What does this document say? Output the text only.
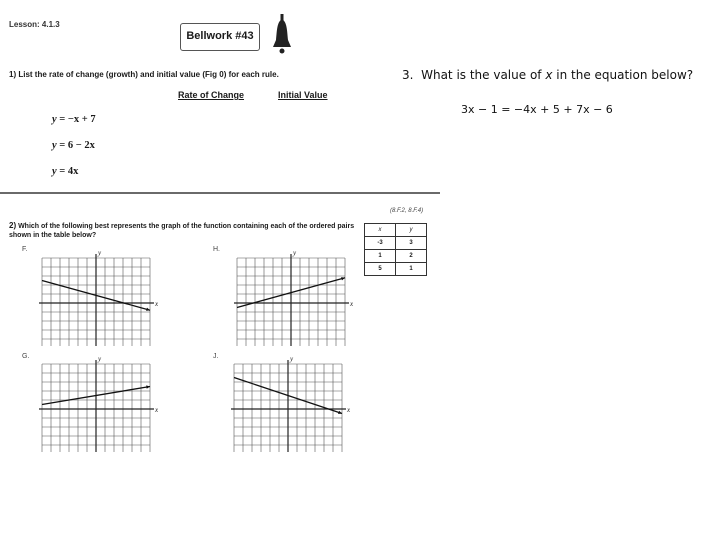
Lesson: 4.1.3
Bellwork #43
1) List the rate of change (growth) and initial value (Fig 0) for each rule.
Rate of Change	Initial Value
y = −x + 7
y = 6 − 2x
y = 4x
(8.F.2, 8.F.4)
2) Which of the following best represents the graph of the function containing each of the ordered pairs shown in the table below?
x	y
-3	3
1	2
5	1
F.	H.
G.	J.
y
x
y
x
y
x
y
x
3. What is the value of x in the equation below?
3x − 1 = −4x + 5 + 7x − 6
